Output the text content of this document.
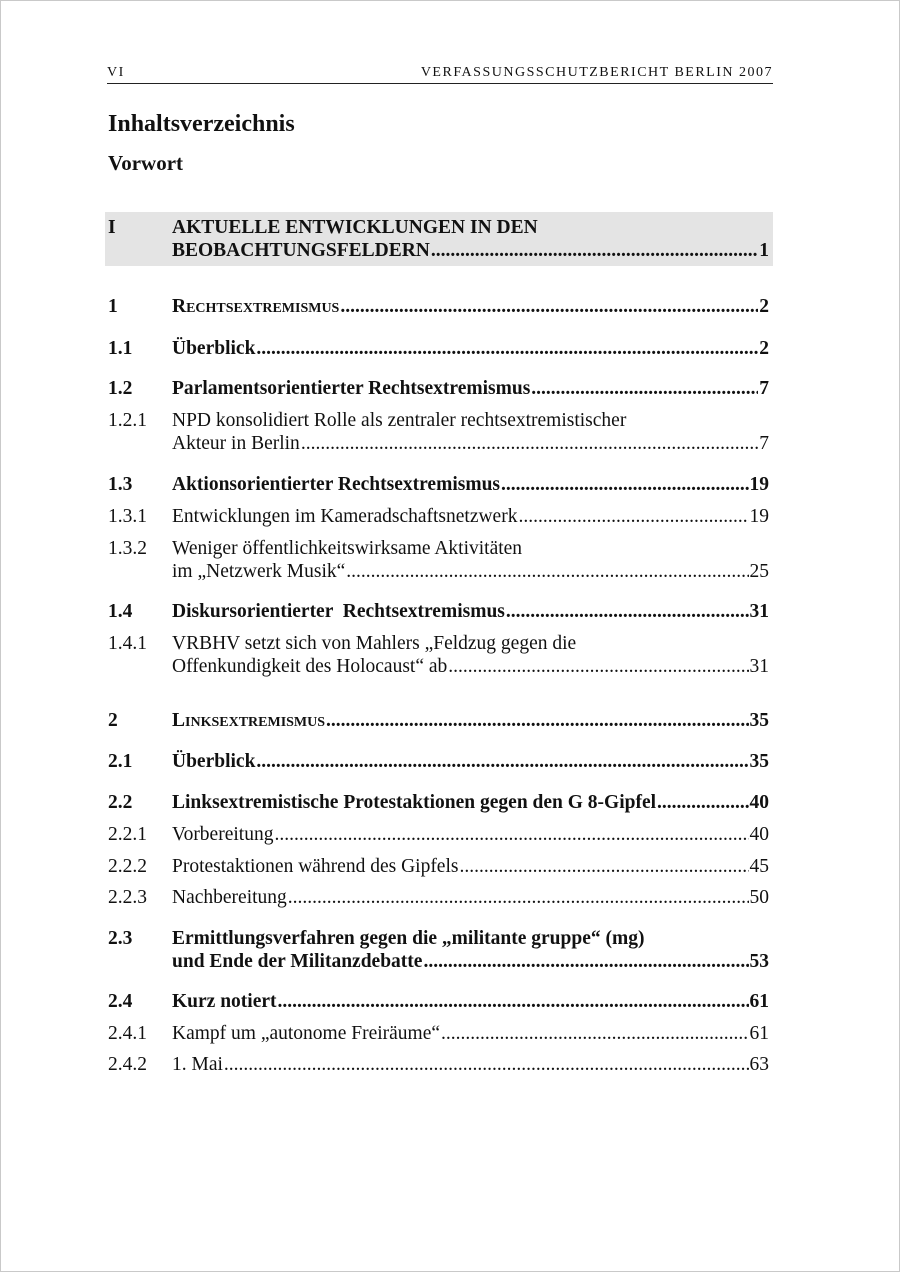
VI	VERFASSUNGSSCHUTZBERICHT BERLIN 2007
Inhaltsverzeichnis
Vorwort
I	AKTUELLE ENTWICKLUNGEN IN DEN
BEOBACHTUNGSFELDERN .....	1
1	Rechtsextremismus .....	2
1.1 Überblick .....	2
1.2 Parlamentsorientierter Rechtsextremismus .....	7
1.2.1 NPD konsolidiert Rolle als zentraler rechtsextremistischer
Akteur in Berlin .....	7
1.3 Aktionsorientierter Rechtsextremismus .....	19
1.3.1 Entwicklungen im Kameradschaftsnetzwerk .....	19
1.3.2 Weniger öffentlichkeitswirksame Aktivitäten
im „Netzwerk Musik“ .....	25
1.4 Diskursorientierter  Rechtsextremismus .....	31
1.4.1 VRBHV setzt sich von Mahlers „Feldzug gegen die
Offenkundigkeit des Holocaust“ ab .....	31
2	Linksextremismus .....	35
2.1 Überblick .....	35
2.2 Linksextremistische Protestaktionen gegen den G 8-Gipfel .....	40
2.2.1 Vorbereitung .....	40
2.2.2 Protestaktionen während des Gipfels .....	45
2.2.3 Nachbereitung .....	50
2.3 Ermittlungsverfahren gegen die „militante gruppe“ (mg)
und Ende der Militanzdebatte .....	53
2.4 Kurz notiert .....	61
2.4.1 Kampf um „autonome Freiräume“ .....	61
2.4.2 1. Mai .....	63
